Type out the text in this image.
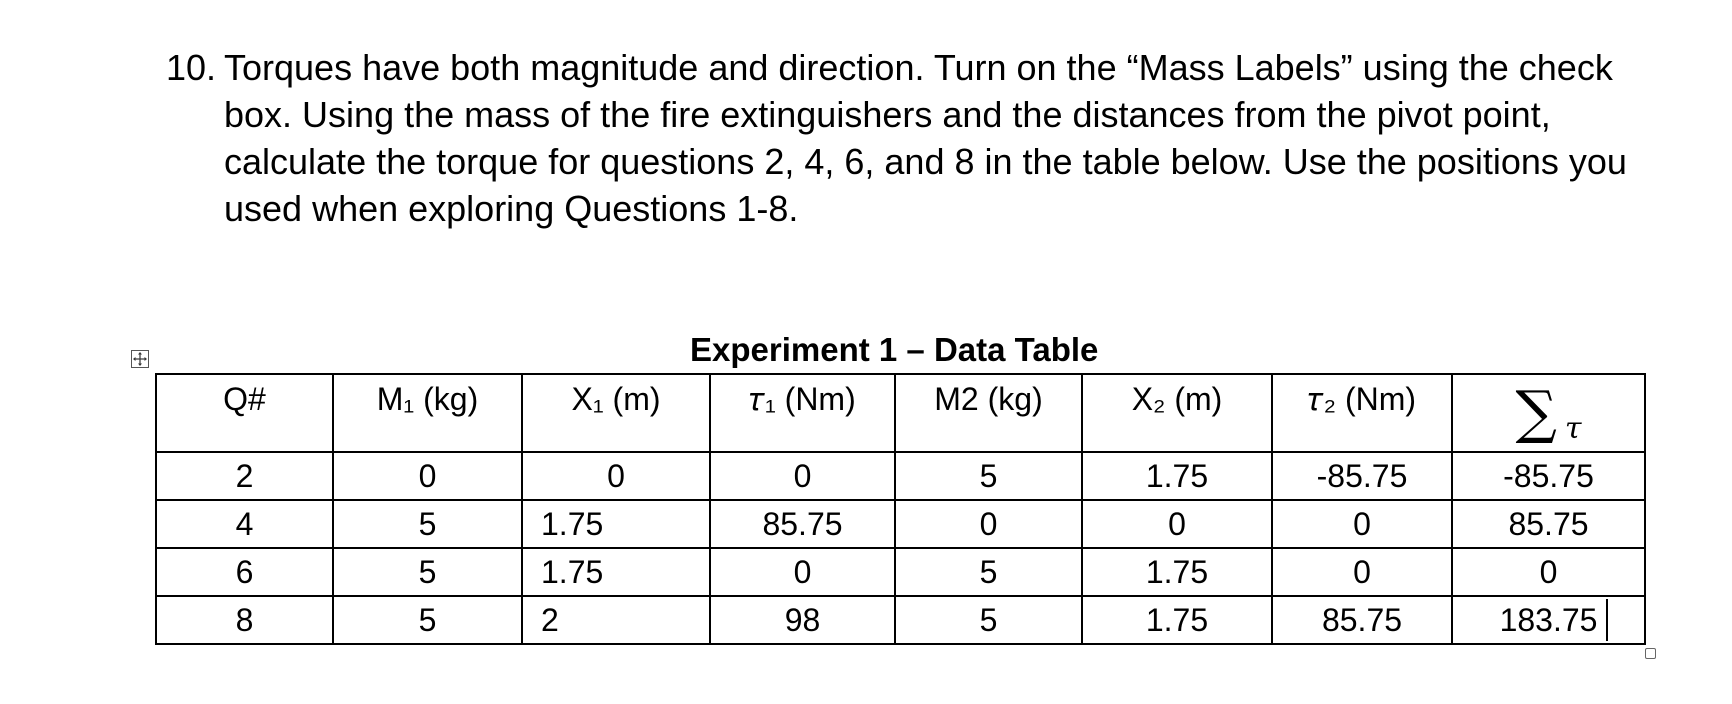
10. Torques have both magnitude and direction. Turn on the “Mass Labels” using the check
box. Using the mass of the fire extinguishers and the distances from the pivot point,
calculate the torque for questions 2, 4, 6, and 8 in the table below. Use the positions you
used when exploring Questions 1-8.
Experiment 1 – Data Table
Q#	M₁ (kg)	X₁ (m)	𝜏₁ (Nm)	M2 (kg)	X₂ (m)	𝜏₂ (Nm)	∑ 𝜏
2	0	0	0	5	1.75	-85.75	-85.75
4	5	1.75	85.75	0	0	0	85.75
6	5	1.75	0	5	1.75	0	0
8	5	2	98	5	1.75	85.75	183.75
